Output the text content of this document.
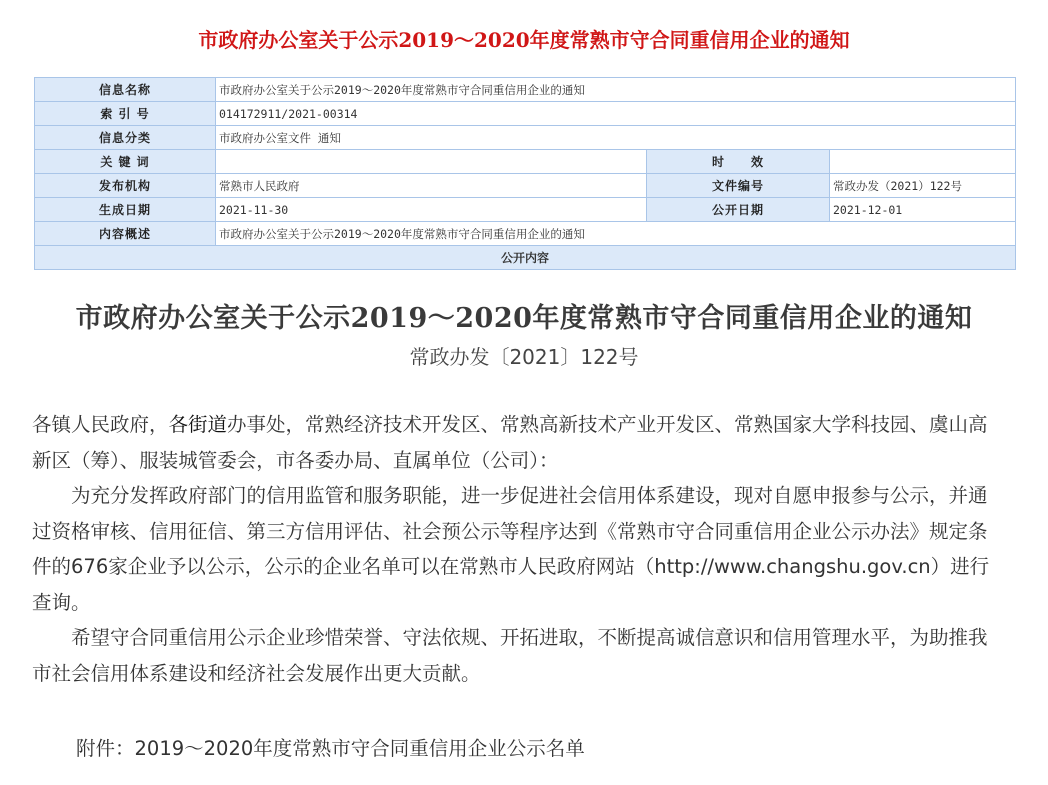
市政府办公室关于公示2019～2020年度常熟市守合同重信用企业的通知
信息名称	市政府办公室关于公示2019～2020年度常熟市守合同重信用企业的通知		
索 引 号	014172911/2021-00314		
信息分类	市政府办公室文件 通知		
关 键 词		时　　效	
发布机构	常熟市人民政府	文件编号	常政办发（2021）122号
生成日期	2021-11-30	公开日期	2021-12-01
内容概述	市政府办公室关于公示2019～2020年度常熟市守合同重信用企业的通知		
公开内容			
市政府办公室关于公示2019～2020年度常熟市守合同重信用企业的通知
常政办发〔2021〕122号

各镇人民政府，各街道办事处，常熟经济技术开发区、常熟高新技术产业开发区、常熟国家大学科技园、虞山高新区（筹）、服装城管委会，市各委办局、直属单位（公司）：

为充分发挥政府部门的信用监管和服务职能，进一步促进社会信用体系建设，现对自愿申报参与公示，并通过资格审核、信用征信、第三方信用评估、社会预公示等程序达到《常熟市守合同重信用企业公示办法》规定条件的676家企业予以公示，公示的企业名单可以在常熟市人民政府网站（http://www.changshu.gov.cn）进行查询。

希望守合同重信用公示企业珍惜荣誉、守法依规、开拓进取，不断提高诚信意识和信用管理水平，为助推我市社会信用体系建设和经济社会发展作出更大贡献。

附件：2019～2020年度常熟市守合同重信用企业公示名单
